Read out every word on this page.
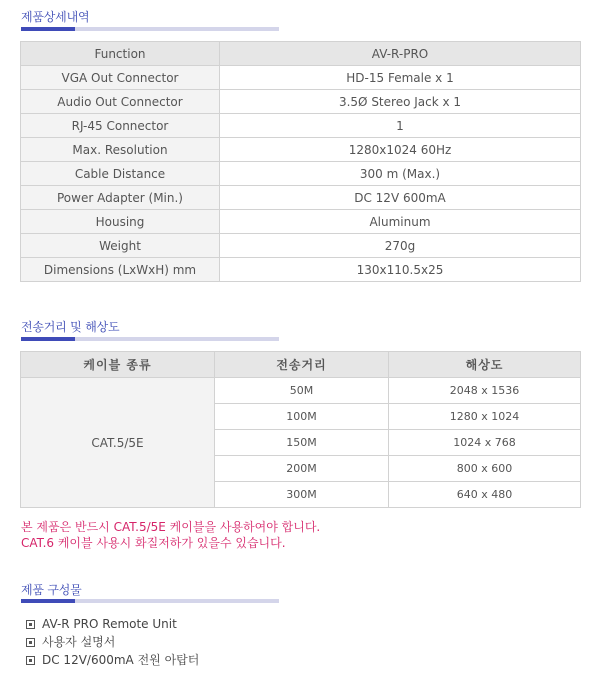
제품상세내역
Function	AV-R-PRO
VGA Out Connector	HD-15 Female x 1
Audio Out Connector	3.5Ø Stereo Jack x 1
RJ-45 Connector	1
Max. Resolution	1280x1024 60Hz
Cable Distance	300 m (Max.)
Power Adapter (Min.)	DC 12V 600mA
Housing	Aluminum
Weight	270g
Dimensions (LxWxH) mm	130x110.5x25
전송거리 및 해상도
케이블 종류	전송거리	해상도
CAT.5/5E	50M	2048 x 1536
	100M	1280 x 1024
	150M	1024 x 768
	200M	800 x 600
	300M	640 x 480
본 제품은 반드시 CAT.5/5E 케이블을 사용하여야 합니다.
CAT.6 케이블 사용시 화질저하가 있을수 있습니다.
제품 구성물
AV-R PRO Remote Unit
사용자 설명서
DC 12V/600mA 전원 아탑터
